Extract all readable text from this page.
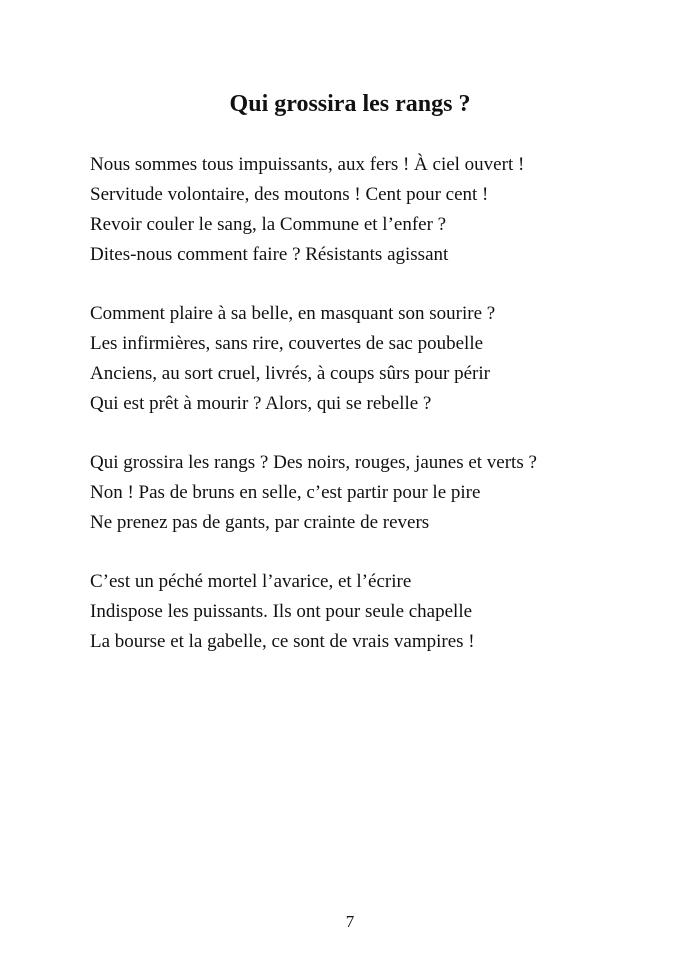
Qui grossira les rangs ?
Nous sommes tous impuissants, aux fers ! À ciel ouvert !
Servitude volontaire, des moutons ! Cent pour cent !
Revoir couler le sang, la Commune et l’enfer ?
Dites-nous comment faire ? Résistants agissant
Comment plaire à sa belle, en masquant son sourire ?
Les infirmières, sans rire, couvertes de sac poubelle
Anciens, au sort cruel, livrés, à coups sûrs pour périr
Qui est prêt à mourir ? Alors, qui se rebelle ?
Qui grossira les rangs ? Des noirs, rouges, jaunes et verts ?
Non ! Pas de bruns en selle, c’est partir pour le pire
Ne prenez pas de gants, par crainte de revers
C’est un péché mortel l’avarice, et l’écrire
Indispose les puissants. Ils ont pour seule chapelle
La bourse et la gabelle, ce sont de vrais vampires !
7
